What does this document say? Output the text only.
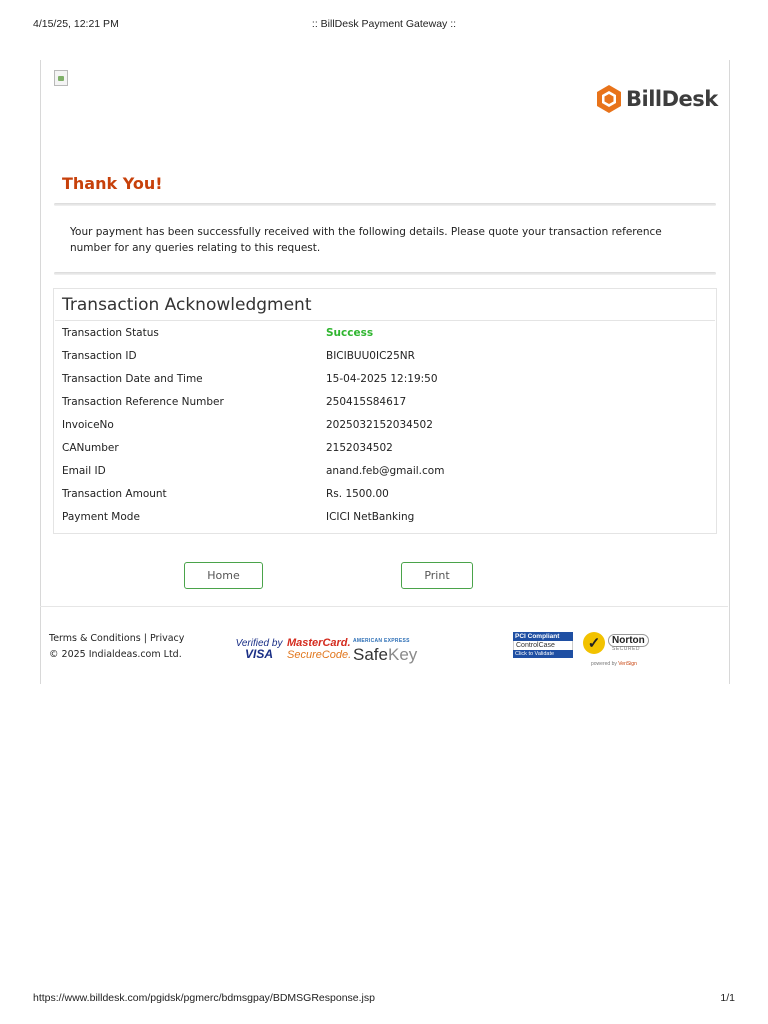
4/15/25, 12:21 PM	:: BillDesk Payment Gateway ::
BillDesk
Thank You!
Your payment has been successfully received with the following details. Please quote your transaction reference number for any queries relating to this request.
Transaction Acknowledgment
Transaction Status	Success
Transaction ID	BICIBUU0IC25NR
Transaction Date and Time	15-04-2025 12:19:50
Transaction Reference Number	250415S84617
InvoiceNo	2025032152034502
CANumber	2152034502
Email ID	anand.feb@gmail.com
Transaction Amount	Rs. 1500.00
Payment Mode	ICICI NetBanking
Home	Print
Terms & Conditions | Privacy
© 2025 Indialdeas.com Ltd.
Verified by
VISA
MasterCard.
SecureCode.
AMERICAN EXPRESS
SafeKey
PCI Compliant
ControlCase
Click to Validate
✓	Norton
SECURED
powered by VeriSign
https://www.billdesk.com/pgidsk/pgmerc/bdmsgpay/BDMSGResponse.jsp	1/1
